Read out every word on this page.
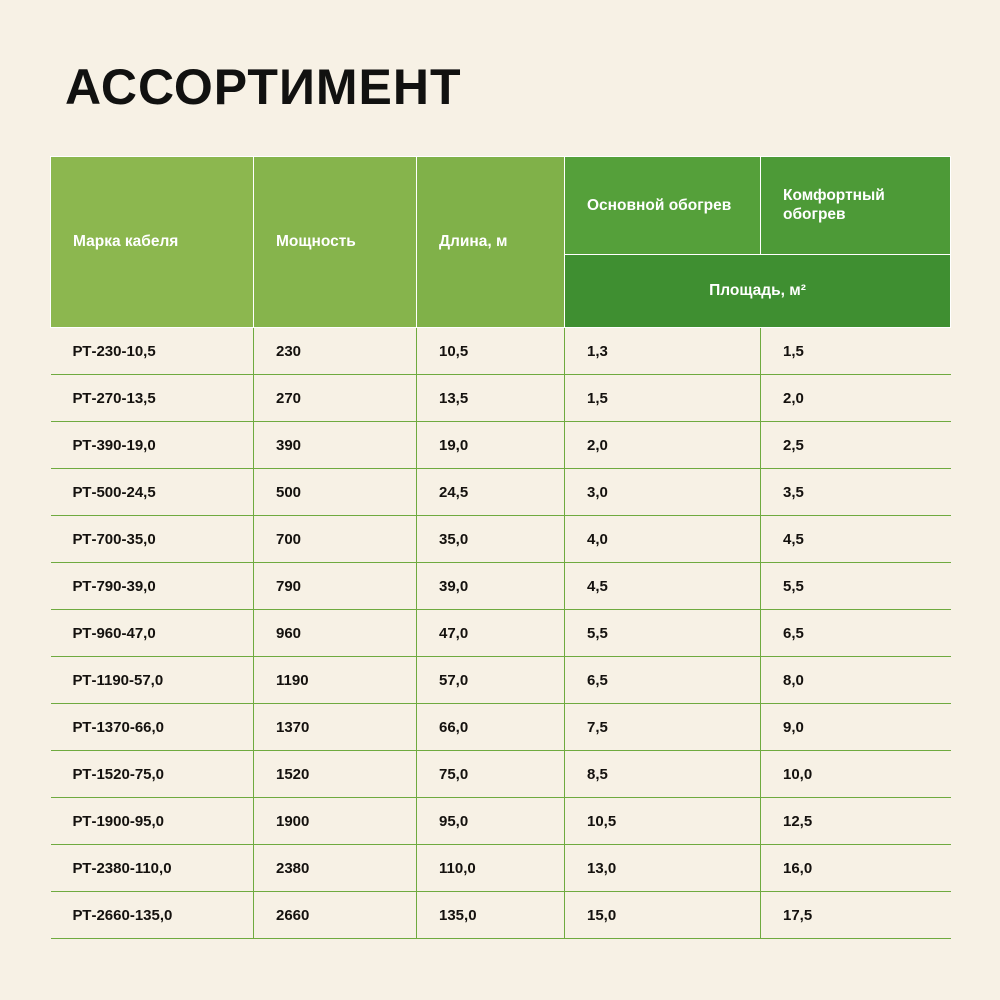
АССОРТИМЕНТ
Марка кабеля	Мощность	Длина, м	Основной обогрев	Комфортный обогрев
			Площадь, м²	
РТ-230-10,5	230	10,5	1,3	1,5
РТ-270-13,5	270	13,5	1,5	2,0
РТ-390-19,0	390	19,0	2,0	2,5
РТ-500-24,5	500	24,5	3,0	3,5
РТ-700-35,0	700	35,0	4,0	4,5
РТ-790-39,0	790	39,0	4,5	5,5
РТ-960-47,0	960	47,0	5,5	6,5
РТ-1190-57,0	1190	57,0	6,5	8,0
РТ-1370-66,0	1370	66,0	7,5	9,0
РТ-1520-75,0	1520	75,0	8,5	10,0
РТ-1900-95,0	1900	95,0	10,5	12,5
РТ-2380-110,0	2380	110,0	13,0	16,0
РТ-2660-135,0	2660	135,0	15,0	17,5
